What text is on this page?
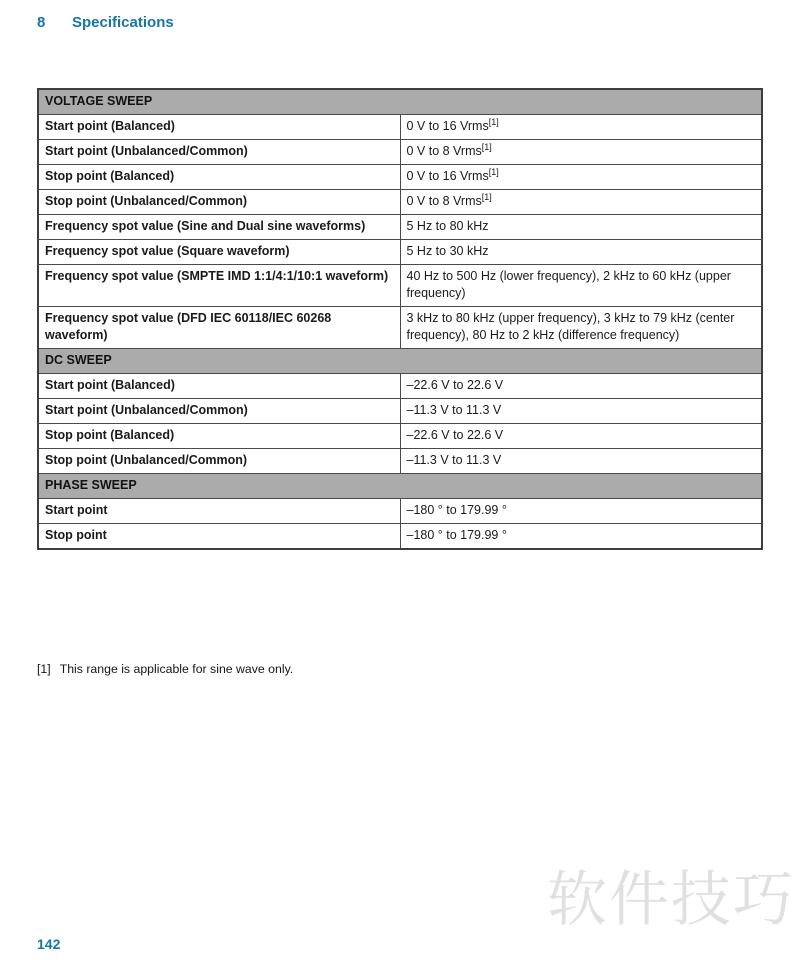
8 Specifications
VOLTAGE SWEEP	
Start point (Balanced)	0 V to 16 Vrms[1]
Start point (Unbalanced/Common)	0 V to 8 Vrms[1]
Stop point (Balanced)	0 V to 16 Vrms[1]
Stop point (Unbalanced/Common)	0 V to 8 Vrms[1]
Frequency spot value (Sine and Dual sine waveforms)	5 Hz to 80 kHz
Frequency spot value (Square waveform)	5 Hz to 30 kHz
Frequency spot value (SMPTE IMD 1:1/4:1/10:1 waveform)	40 Hz to 500 Hz (lower frequency), 2 kHz to 60 kHz (upper frequency)
Frequency spot value (DFD IEC 60118/IEC 60268 waveform)	3 kHz to 80 kHz (upper frequency), 3 kHz to 79 kHz (center frequency), 80 Hz to 2 kHz (difference frequency)
DC SWEEP	
Start point (Balanced)	–22.6 V to 22.6 V
Start point (Unbalanced/Common)	–11.3 V to 11.3 V
Stop point (Balanced)	–22.6 V to 22.6 V
Stop point (Unbalanced/Common)	–11.3 V to 11.3 V
PHASE SWEEP	
Start point	–180 ° to 179.99 °
Stop point	–180 ° to 179.99 °
[1] This range is applicable for sine wave only.
软件技巧
142
